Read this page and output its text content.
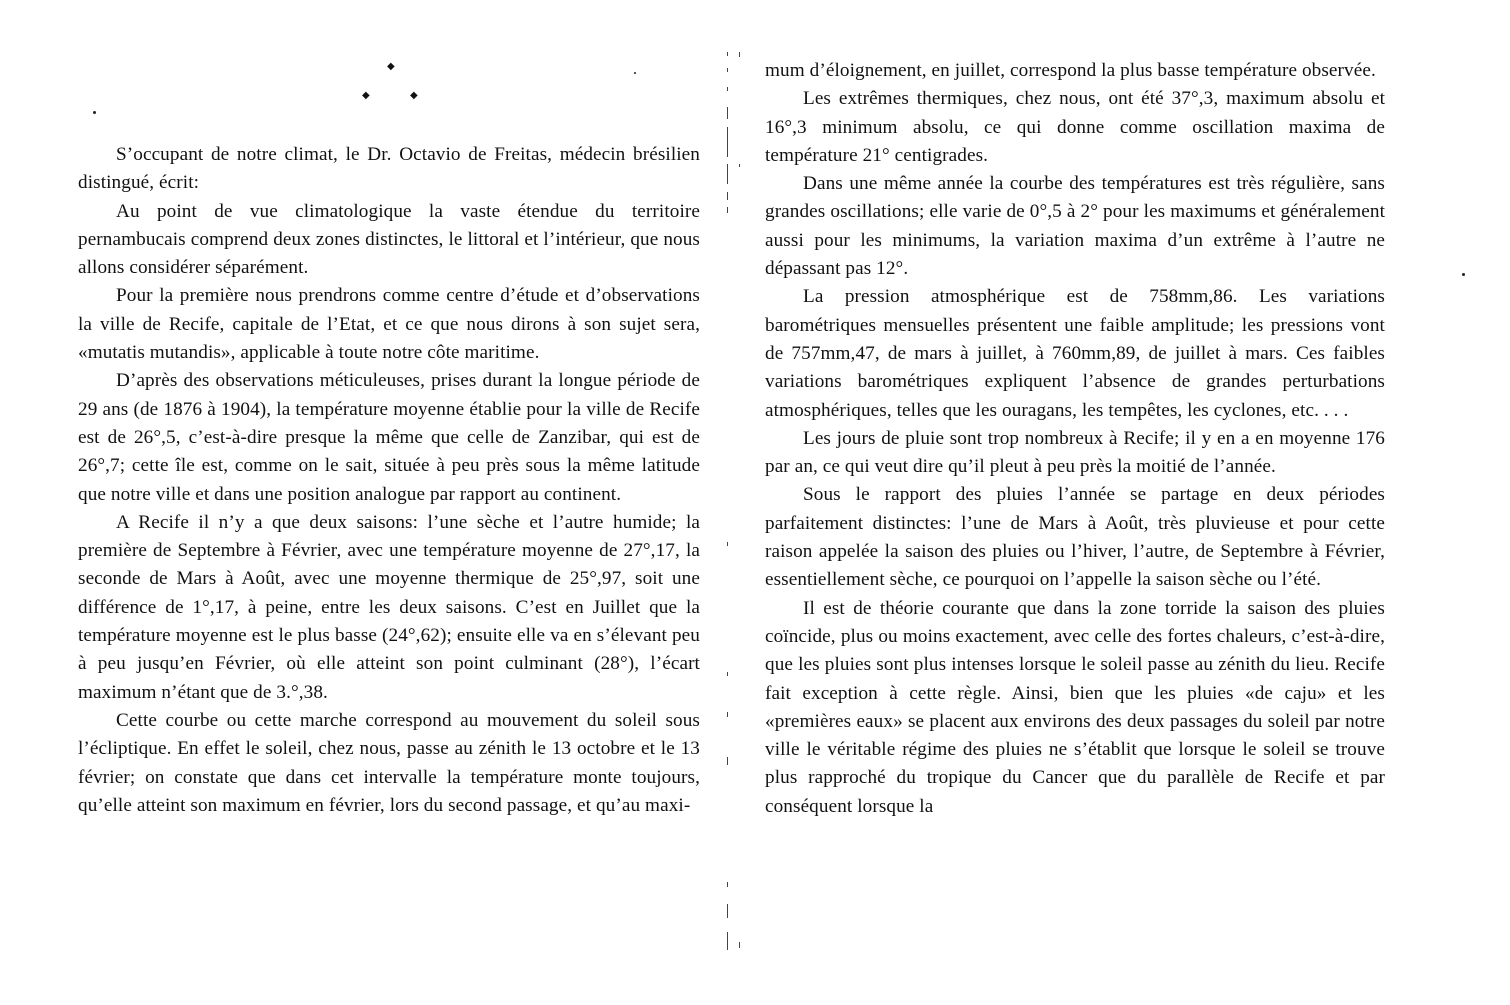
◆
◆	◆

S’occupant de notre climat, le Dr. Octavio de Freitas, médecin brésilien distingué, écrit:

Au point de vue climatologique la vaste étendue du territoire pernambucais comprend deux zones distinctes, le littoral et l’intérieur, que nous allons considérer séparément.

Pour la première nous prendrons comme centre d’étude et d’observations la ville de Recife, capitale de l’Etat, et ce que nous dirons à son sujet sera, «mutatis mutandis», applicable à toute notre côte maritime.

D’après des observations méticuleuses, prises durant la longue période de 29 ans (de 1876 à 1904), la température moyenne établie pour la ville de Recife est de 26°,5, c’est-à-dire presque la même que celle de Zanzibar, qui est de 26°,7; cette île est, comme on le sait, située à peu près sous la même latitude que notre ville et dans une position analogue par rapport au continent.

A Recife il n’y a que deux saisons: l’une sèche et l’autre humide; la première de Septembre à Février, avec une température moyenne de 27°,17, la seconde de Mars à Août, avec une moyenne thermique de 25°,97, soit une différence de 1°,17, à peine, entre les deux saisons. C’est en Juillet que la température moyenne est le plus basse (24°,62); ensuite elle va en s’élevant peu à peu jusqu’en Février, où elle atteint son point culminant (28°), l’écart maximum n’étant que de 3.°,38.

Cette courbe ou cette marche correspond au mouvement du soleil sous l’écliptique. En effet le soleil, chez nous, passe au zénith le 13 octobre et le 13 février; on constate que dans cet intervalle la température monte toujours, qu’elle atteint son maximum en février, lors du second passage, et qu’au maxi-

mum d’éloignement, en juillet, correspond la plus basse température observée.

Les extrêmes thermiques, chez nous, ont été 37°,3, maximum absolu et 16°,3 minimum absolu, ce qui donne comme oscillation maxima de température 21° centigrades.

Dans une même année la courbe des températures est très régulière, sans grandes oscillations; elle varie de 0°,5 à 2° pour les maximums et généralement aussi pour les minimums, la variation maxima d’un extrême à l’autre ne dépassant pas 12°.

La pression atmosphérique est de 758mm,86. Les variations barométriques mensuelles présentent une faible amplitude; les pressions vont de 757mm,47, de mars à juillet, à 760mm,89, de juillet à mars. Ces faibles variations barométriques expliquent l’absence de grandes perturbations atmosphériques, telles que les ouragans, les tempêtes, les cyclones, etc. . . .

Les jours de pluie sont trop nombreux à Recife; il y en a en moyenne 176 par an, ce qui veut dire qu’il pleut à peu près la moitié de l’année.

Sous le rapport des pluies l’année se partage en deux périodes parfaitement distinctes: l’une de Mars à Août, très pluvieuse et pour cette raison appelée la saison des pluies ou l’hiver, l’autre, de Septembre à Février, essentiellement sèche, ce pourquoi on l’appelle la saison sèche ou l’été.

Il est de théorie courante que dans la zone torride la saison des pluies coïncide, plus ou moins exactement, avec celle des fortes chaleurs, c’est-à-dire, que les pluies sont plus intenses lorsque le soleil passe au zénith du lieu. Recife fait exception à cette règle. Ainsi, bien que les pluies «de caju» et les «premières eaux» se placent aux environs des deux passages du soleil par notre ville le véritable régime des pluies ne s’établit que lorsque le soleil se trouve plus rapproché du tropique du Cancer que du parallèle de Recife et par conséquent lorsque la
